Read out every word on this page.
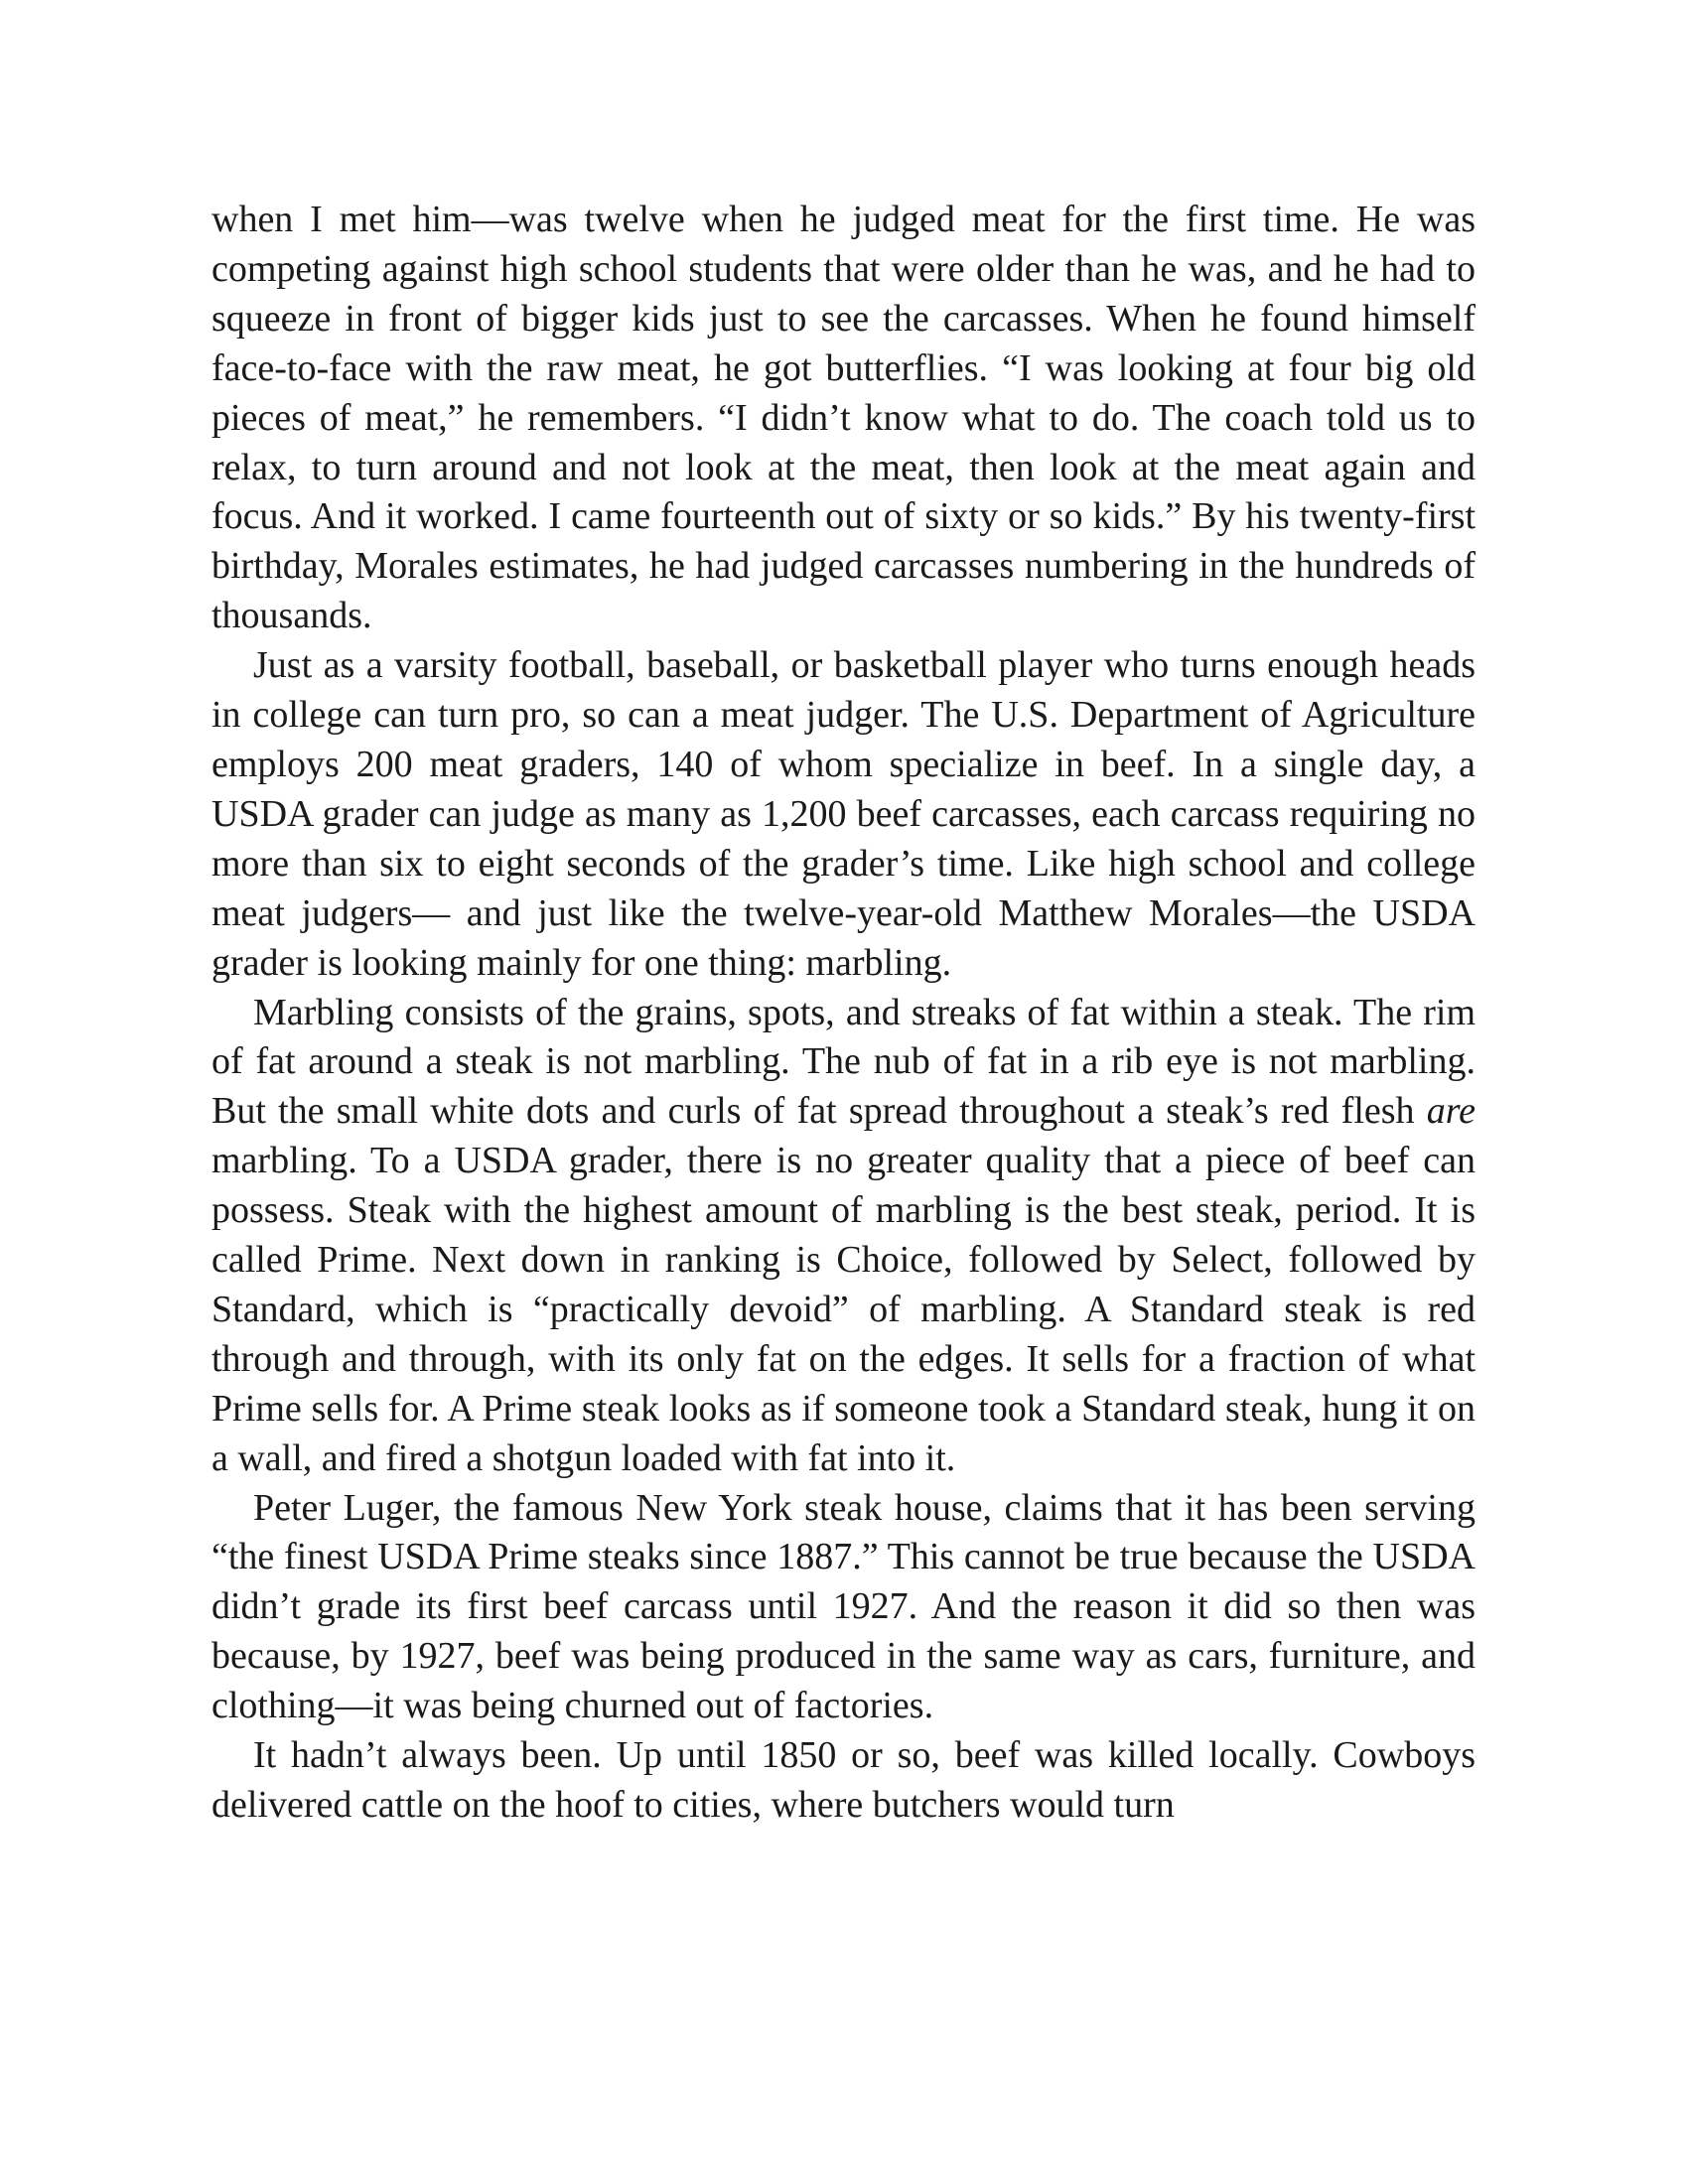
when I met him—was twelve when he judged meat for the first time. He was competing against high school students that were older than he was, and he had to squeeze in front of bigger kids just to see the carcasses. When he found himself face-to-face with the raw meat, he got butterflies. “I was looking at four big old pieces of meat,” he remembers. “I didn’t know what to do. The coach told us to relax, to turn around and not look at the meat, then look at the meat again and focus. And it worked. I came fourteenth out of sixty or so kids.” By his twenty-first birthday, Morales estimates, he had judged carcasses numbering in the hundreds of thousands.

Just as a varsity football, baseball, or basketball player who turns enough heads in college can turn pro, so can a meat judger. The U.S. Department of Agriculture employs 200 meat graders, 140 of whom specialize in beef. In a single day, a USDA grader can judge as many as 1,200 beef carcasses, each carcass requiring no more than six to eight seconds of the grader’s time. Like high school and college meat judgers— and just like the twelve-year-old Matthew Morales—the USDA grader is looking mainly for one thing: marbling.

Marbling consists of the grains, spots, and streaks of fat within a steak. The rim of fat around a steak is not marbling. The nub of fat in a rib eye is not marbling. But the small white dots and curls of fat spread throughout a steak’s red flesh are marbling. To a USDA grader, there is no greater quality that a piece of beef can possess. Steak with the highest amount of marbling is the best steak, period. It is called Prime. Next down in ranking is Choice, followed by Select, followed by Standard, which is “practically devoid” of marbling. A Standard steak is red through and through, with its only fat on the edges. It sells for a fraction of what Prime sells for. A Prime steak looks as if someone took a Standard steak, hung it on a wall, and fired a shotgun loaded with fat into it.

Peter Luger, the famous New York steak house, claims that it has been serving “the finest USDA Prime steaks since 1887.” This cannot be true because the USDA didn’t grade its first beef carcass until 1927. And the reason it did so then was because, by 1927, beef was being produced in the same way as cars, furniture, and clothing—it was being churned out of factories.

It hadn’t always been. Up until 1850 or so, beef was killed locally. Cowboys delivered cattle on the hoof to cities, where butchers would turn
